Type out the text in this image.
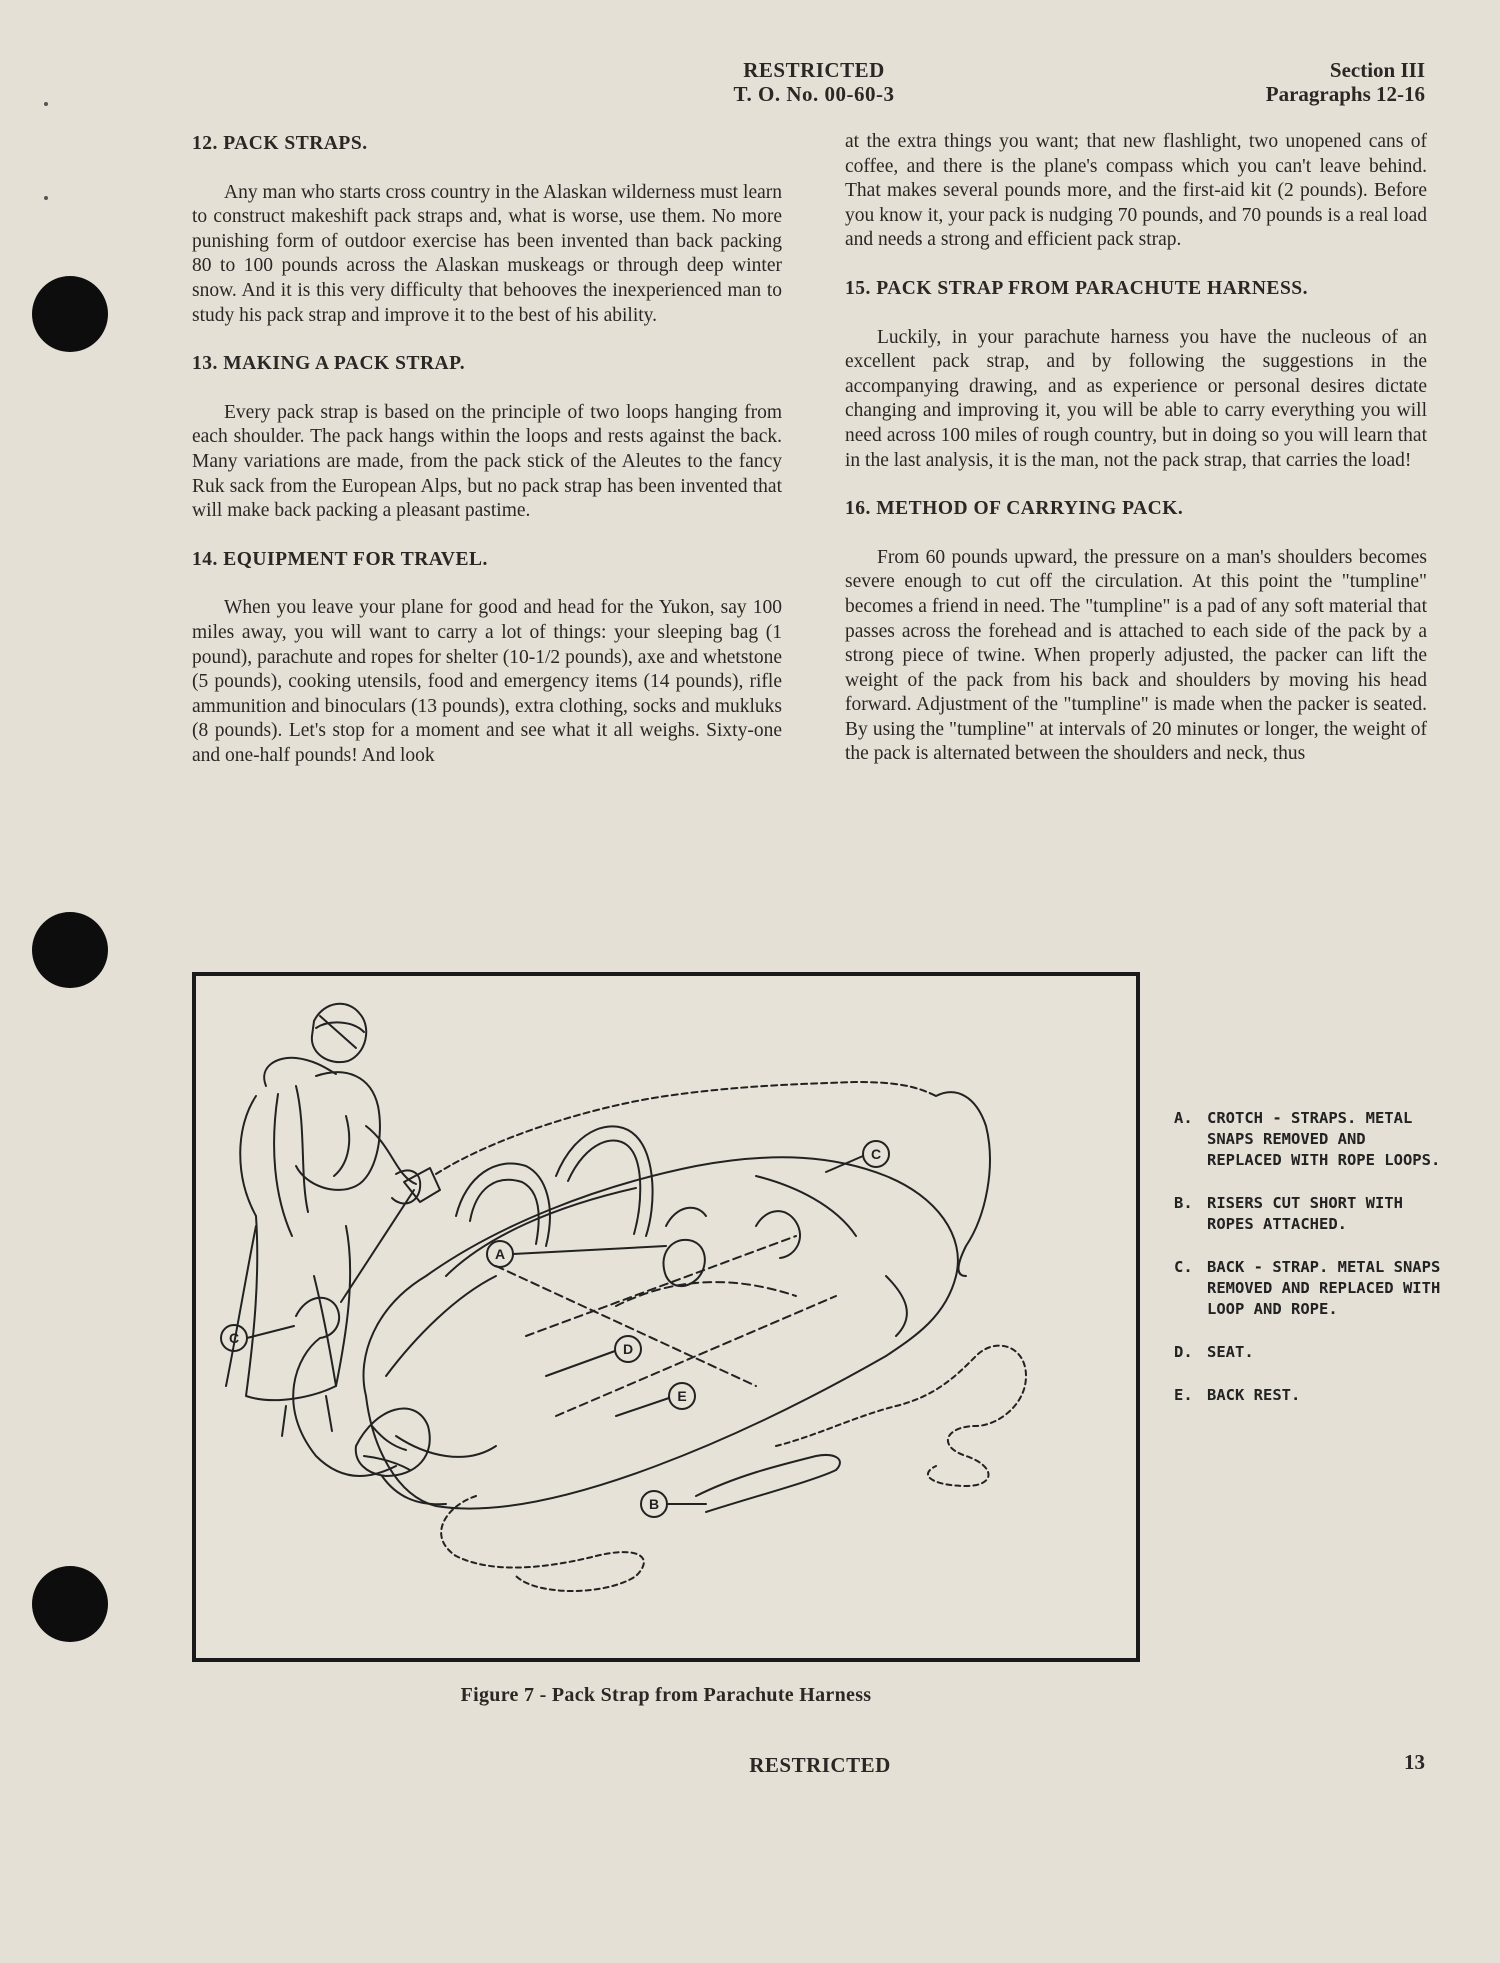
RESTRICTED
T. O. No. 00-60-3
Section III
Paragraphs 12-16
12. PACK STRAPS.

Any man who starts cross country in the Alaskan wilderness must learn to construct makeshift pack straps and, what is worse, use them. No more punishing form of outdoor exercise has been invented than back packing 80 to 100 pounds across the Alaskan muskeags or through deep winter snow. And it is this very difficulty that behooves the inexperienced man to study his pack strap and improve it to the best of his ability.

13. MAKING A PACK STRAP.

Every pack strap is based on the principle of two loops hanging from each shoulder. The pack hangs within the loops and rests against the back. Many variations are made, from the pack stick of the Aleutes to the fancy Ruk sack from the European Alps, but no pack strap has been invented that will make back packing a pleasant pastime.

14. EQUIPMENT FOR TRAVEL.

When you leave your plane for good and head for the Yukon, say 100 miles away, you will want to carry a lot of things: your sleeping bag (1 pound), parachute and ropes for shelter (10-1/2 pounds), axe and whetstone (5 pounds), cooking utensils, food and emergency items (14 pounds), rifle ammunition and binoculars (13 pounds), extra clothing, socks and mukluks (8 pounds). Let's stop for a moment and see what it all weighs. Sixty-one and one-half pounds! And look

at the extra things you want; that new flashlight, two unopened cans of coffee, and there is the plane's compass which you can't leave behind. That makes several pounds more, and the first-aid kit (2 pounds). Before you know it, your pack is nudging 70 pounds, and 70 pounds is a real load and needs a strong and efficient pack strap.

15. PACK STRAP FROM PARACHUTE HARNESS.

Luckily, in your parachute harness you have the nucleous of an excellent pack strap, and by following the suggestions in the accompanying drawing, and as experience or personal desires dictate changing and improving it, you will be able to carry everything you will need across 100 miles of rough country, but in doing so you will learn that in the last analysis, it is the man, not the pack strap, that carries the load!

16. METHOD OF CARRYING PACK.

From 60 pounds upward, the pressure on a man's shoulders becomes severe enough to cut off the circulation. At this point the "tumpline" becomes a friend in need. The "tumpline" is a pad of any soft material that passes across the forehead and is attached to each side of the pack by a strong piece of twine. When properly adjusted, the packer can lift the weight of the pack from his back and shoulders by moving his head forward. Adjustment of the "tumpline" is made when the packer is seated. By using the "tumpline" at intervals of 20 minutes or longer, the weight of the pack is alternated between the shoulders and neck, thus

A
B
C
C
D
E
A. CROTCH - STRAPS. METAL SNAPS REMOVED AND REPLACED WITH ROPE LOOPS.
B. RISERS CUT SHORT WITH ROPES ATTACHED.
C. BACK - STRAP. METAL SNAPS REMOVED AND REPLACED WITH LOOP AND ROPE.
D. SEAT.
E. BACK REST.
Figure 7 - Pack Strap from Parachute Harness
RESTRICTED	13
